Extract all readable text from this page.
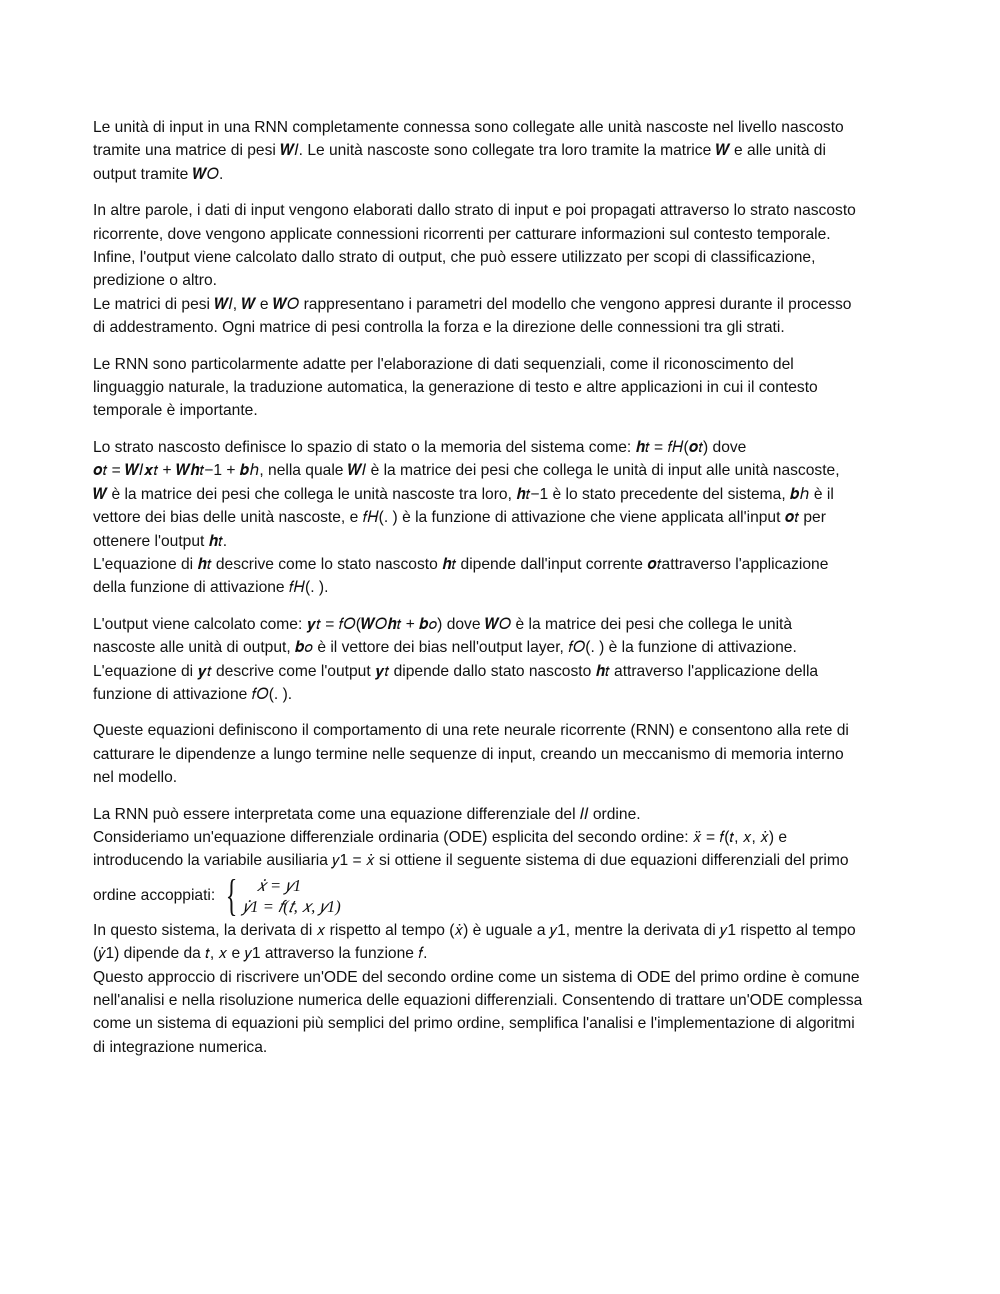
Le unità di input in una RNN completamente connessa sono collegate alle unità nascoste nel livello nascosto
tramite una matrice di pesi 𝑾𝐼. Le unità nascoste sono collegate tra loro tramite la matrice 𝑾 e alle unità di
output tramite 𝑾𝑂.

In altre parole, i dati di input vengono elaborati dallo strato di input e poi propagati attraverso lo strato nascosto
ricorrente, dove vengono applicate connessioni ricorrenti per catturare informazioni sul contesto temporale.
Infine, l'output viene calcolato dallo strato di output, che può essere utilizzato per scopi di classificazione,
predizione o altro.
Le matrici di pesi 𝑾𝐼, 𝑾 e 𝑾𝑂 rappresentano i parametri del modello che vengono appresi durante il processo
di addestramento. Ogni matrice di pesi controlla la forza e la direzione delle connessioni tra gli strati.

Le RNN sono particolarmente adatte per l'elaborazione di dati sequenziali, come il riconoscimento del
linguaggio naturale, la traduzione automatica, la generazione di testo e altre applicazioni in cui il contesto
temporale è importante.

Lo strato nascosto definisce lo spazio di stato o la memoria del sistema come: 𝒉𝑡 = 𝑓𝐻(𝒐𝑡) dove
𝒐𝑡 = 𝑾𝐼𝒙𝑡 + 𝑾𝒉𝑡−1 + 𝒃ℎ, nella quale 𝑾𝐼 è la matrice dei pesi che collega le unità di input alle unità nascoste,
𝑾 è la matrice dei pesi che collega le unità nascoste tra loro, 𝒉𝑡−1 è lo stato precedente del sistema, 𝒃ℎ è il
vettore dei bias delle unità nascoste, e 𝑓𝐻(. ) è la funzione di attivazione che viene applicata all'input 𝒐𝑡 per
ottenere l'output 𝒉𝑡.
L'equazione di 𝒉𝑡 descrive come lo stato nascosto 𝒉𝑡 dipende dall'input corrente 𝒐𝑡attraverso l'applicazione
della funzione di attivazione 𝑓𝐻(. ).

L'output viene calcolato come: 𝒚𝑡 = 𝑓𝑂(𝑾𝑂𝒉𝑡 + 𝒃𝑜) dove 𝑾𝑂 è la matrice dei pesi che collega le unità
nascoste alle unità di output, 𝒃𝑜 è il vettore dei bias nell'output layer, 𝑓𝑂(. ) è la funzione di attivazione.
L'equazione di 𝒚𝑡 descrive come l'output 𝒚𝑡 dipende dallo stato nascosto 𝒉𝑡 attraverso l'applicazione della
funzione di attivazione 𝑓𝑂(. ).

Queste equazioni definiscono il comportamento di una rete neurale ricorrente (RNN) e consentono alla rete di
catturare le dipendenze a lungo termine nelle sequenze di input, creando un meccanismo di memoria interno
nel modello.

La RNN può essere interpretata come una equazione differenziale del 𝐼𝐼 ordine.
Consideriamo un'equazione differenziale ordinaria (ODE) esplicita del secondo ordine: 𝑥̈ = 𝑓(𝑡, 𝑥, 𝑥̇) e
introducendo la variabile ausiliaria 𝑦1 = 𝑥̇ si ottiene il seguente sistema di due equazioni differenziali del primo
ordine accoppiati: {	𝑥̇ = 𝑦1
𝑦̇1 = 𝑓(𝑡, 𝑥, 𝑦1)
In questo sistema, la derivata di 𝑥 rispetto al tempo (𝑥̇) è uguale a 𝑦1, mentre la derivata di 𝑦1 rispetto al tempo
(𝑦̇1) dipende da 𝑡, 𝑥 e 𝑦1 attraverso la funzione 𝑓.
Questo approccio di riscrivere un'ODE del secondo ordine come un sistema di ODE del primo ordine è comune
nell'analisi e nella risoluzione numerica delle equazioni differenziali. Consentendo di trattare un'ODE complessa
come un sistema di equazioni più semplici del primo ordine, semplifica l'analisi e l'implementazione di algoritmi
di integrazione numerica.
